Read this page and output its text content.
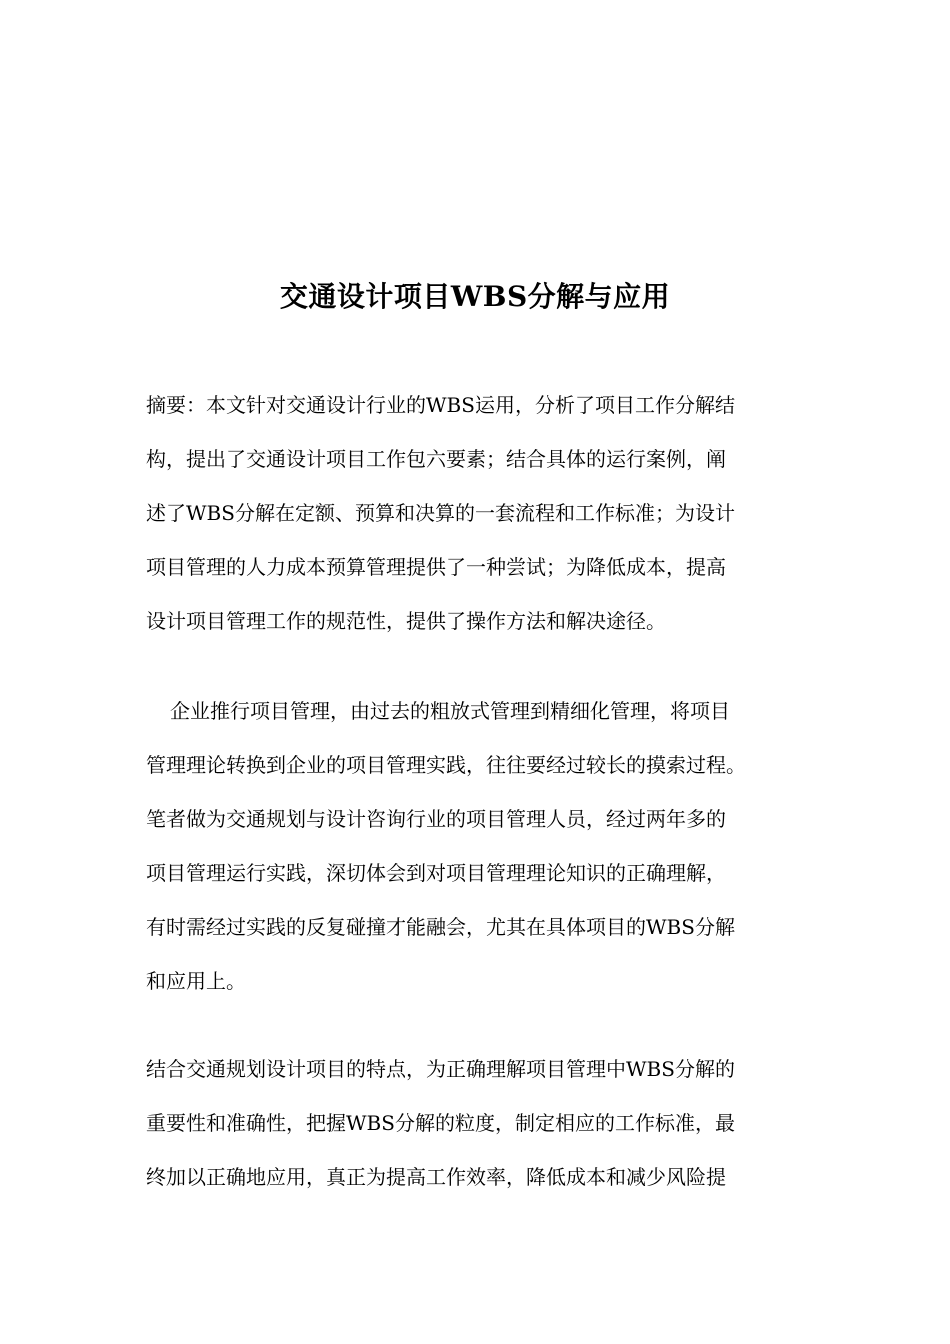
交通设计项目WBS分解与应用
摘要：本文针对交通设计行业的WBS运用，分析了项目工作分解结
构，提出了交通设计项目工作包六要素；结合具体的运行案例，阐
述了WBS分解在定额、预算和决算的一套流程和工作标准；为设计
项目管理的人力成本预算管理提供了一种尝试；为降低成本，提高
设计项目管理工作的规范性，提供了操作方法和解决途径。
企业推行项目管理，由过去的粗放式管理到精细化管理，将项目
管理理论转换到企业的项目管理实践，往往要经过较长的摸索过程。
笔者做为交通规划与设计咨询行业的项目管理人员，经过两年多的
项目管理运行实践，深切体会到对项目管理理论知识的正确理解，
有时需经过实践的反复碰撞才能融会，尤其在具体项目的WBS分解
和应用上。
结合交通规划设计项目的特点，为正确理解项目管理中WBS分解的
重要性和准确性，把握WBS分解的粒度，制定相应的工作标准，最
终加以正确地应用，真正为提高工作效率，降低成本和减少风险提
